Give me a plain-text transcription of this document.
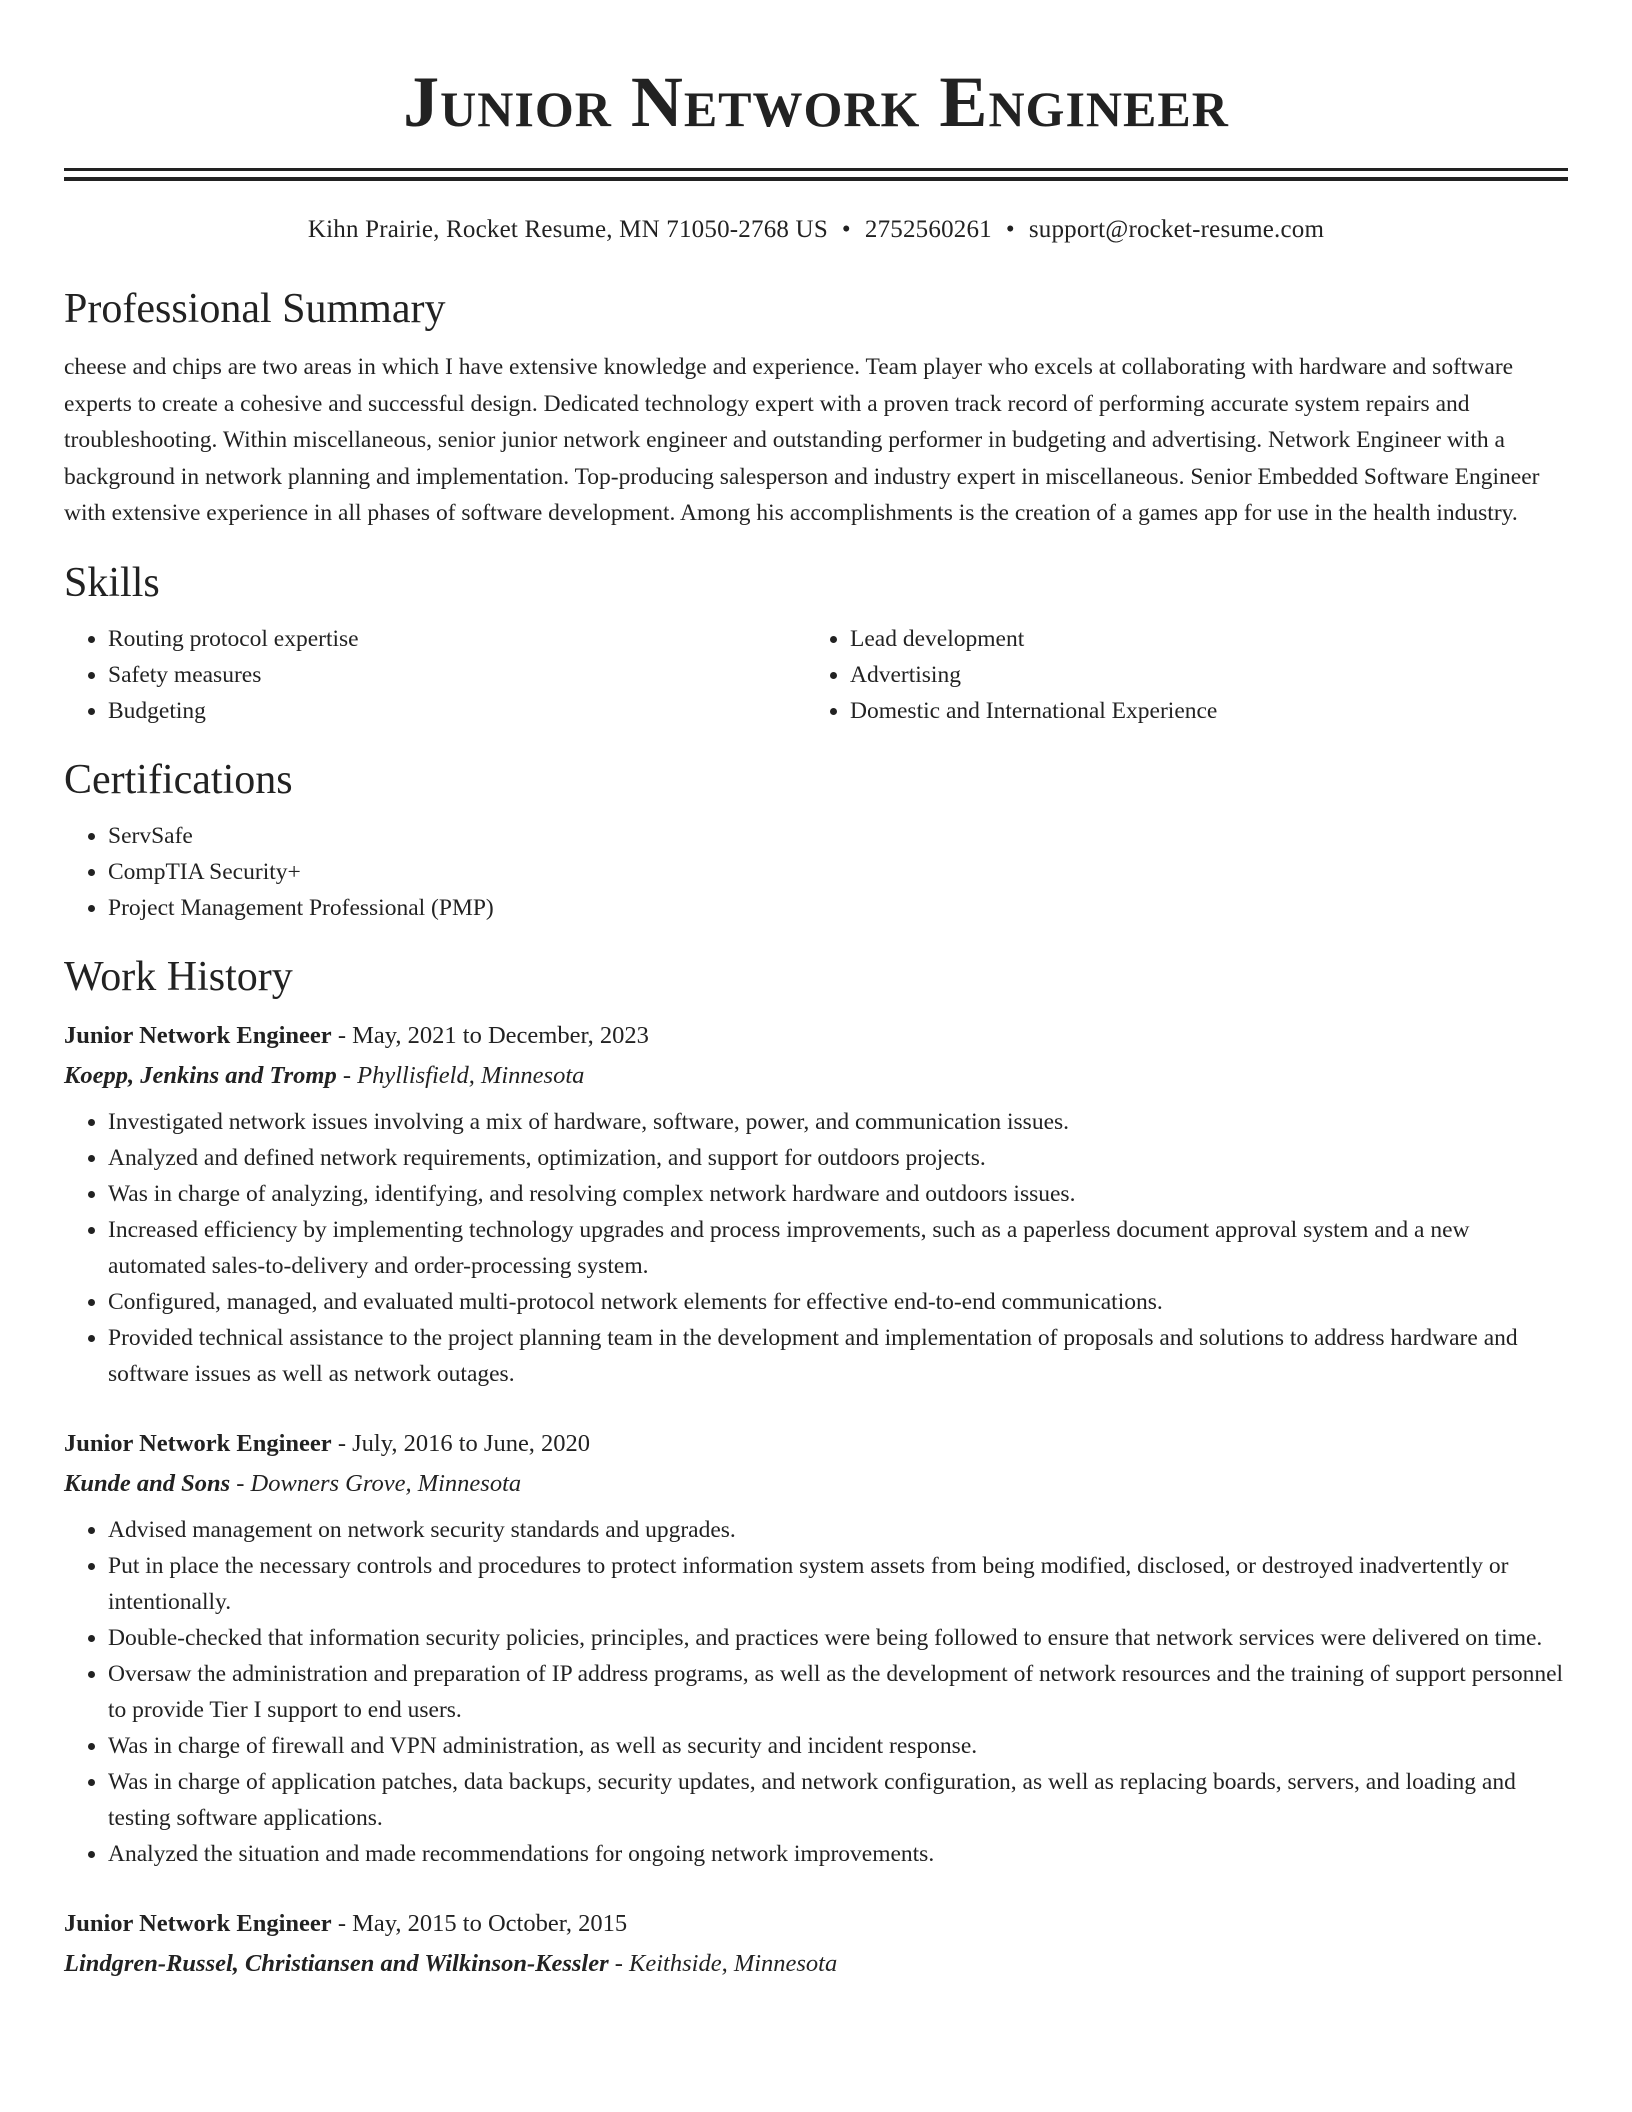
Junior Network Engineer
Kihn Prairie, Rocket Resume, MN 71050-2768 US • 2752560261 • support@rocket-resume.com
Professional Summary

cheese and chips are two areas in which I have extensive knowledge and experience. Team player who excels at collaborating with hardware and software experts to create a cohesive and successful design. Dedicated technology expert with a proven track record of performing accurate system repairs and troubleshooting. Within miscellaneous, senior junior network engineer and outstanding performer in budgeting and advertising. Network Engineer with a background in network planning and implementation. Top-producing salesperson and industry expert in miscellaneous. Senior Embedded Software Engineer with extensive experience in all phases of software development. Among his accomplishments is the creation of a games app for use in the health industry.

Skills
• Routing protocol expertise
• Safety measures
• Budgeting
• Lead development
• Advertising
• Domestic and International Experience
Certifications
• ServSafe
• CompTIA Security+
• Project Management Professional (PMP)
Work History
Junior Network Engineer - May, 2021 to December, 2023
Koepp, Jenkins and Tromp - Phyllisfield, Minnesota
• Investigated network issues involving a mix of hardware, software, power, and communication issues.
• Analyzed and defined network requirements, optimization, and support for outdoors projects.
• Was in charge of analyzing, identifying, and resolving complex network hardware and outdoors issues.
• Increased efficiency by implementing technology upgrades and process improvements, such as a paperless document approval system and a new automated sales-to-delivery and order-processing system.
• Configured, managed, and evaluated multi-protocol network elements for effective end-to-end communications.
• Provided technical assistance to the project planning team in the development and implementation of proposals and solutions to address hardware and software issues as well as network outages.
Junior Network Engineer - July, 2016 to June, 2020
Kunde and Sons - Downers Grove, Minnesota
• Advised management on network security standards and upgrades.
• Put in place the necessary controls and procedures to protect information system assets from being modified, disclosed, or destroyed inadvertently or intentionally.
• Double-checked that information security policies, principles, and practices were being followed to ensure that network services were delivered on time.
• Oversaw the administration and preparation of IP address programs, as well as the development of network resources and the training of support personnel to provide Tier I support to end users.
• Was in charge of firewall and VPN administration, as well as security and incident response.
• Was in charge of application patches, data backups, security updates, and network configuration, as well as replacing boards, servers, and loading and testing software applications.
• Analyzed the situation and made recommendations for ongoing network improvements.
Junior Network Engineer - May, 2015 to October, 2015
Lindgren-Russel, Christiansen and Wilkinson-Kessler - Keithside, Minnesota
